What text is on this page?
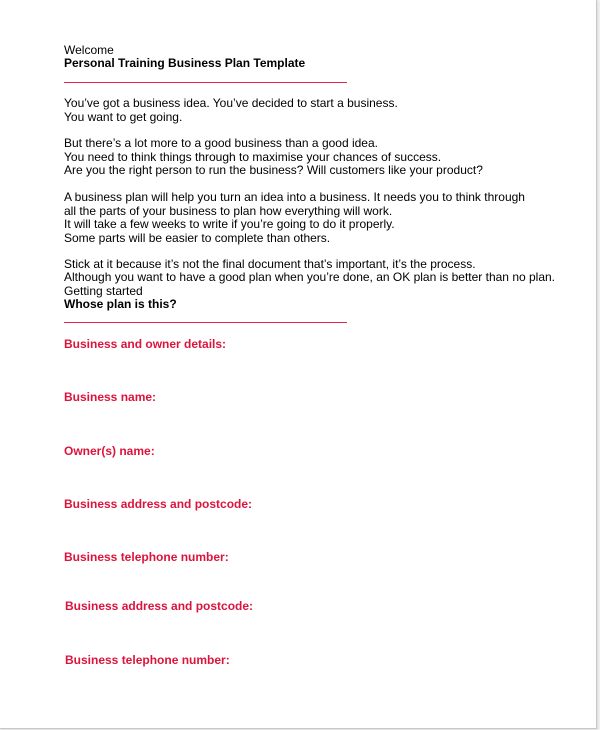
Welcome
Personal Training Business Plan Template
You’ve got a business idea. You’ve decided to start a business.
You want to get going.
But there’s a lot more to a good business than a good idea.
You need to think things through to maximise your chances of success.
Are you the right person to run the business? Will customers like your product?
A business plan will help you turn an idea into a business. It needs you to think through
all the parts of your business to plan how everything will work.
It will take a few weeks to write if you’re going to do it properly.
Some parts will be easier to complete than others.
Stick at it because it’s not the final document that’s important, it’s the process.
Although you want to have a good plan when you’re done, an OK plan is better than no plan.
Getting started
Whose plan is this?
Business and owner details:
Business name:
Owner(s) name:
Business address and postcode:
Business telephone number:
Business address and postcode:
Business telephone number:
